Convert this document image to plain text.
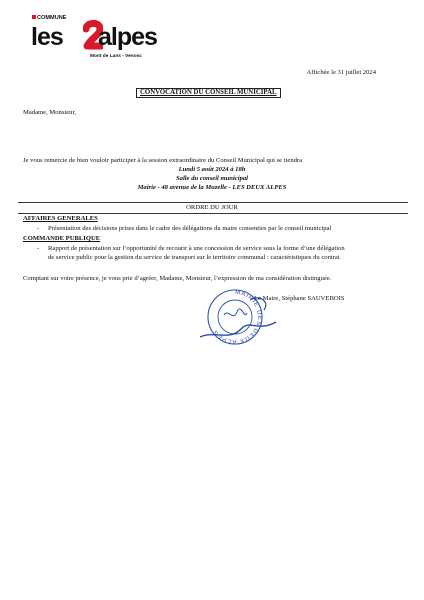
COMMUNE
les alpes
Mont de Lans - Venosc
Affichée le 31 juillet 2024
CONVOCATION DU CONSEIL MUNICIPAL
Madame, Monsieur,
Je vous remercie de bien vouloir participer à la session extraordinaire du Conseil Municipal qui se tiendra
Lundi 5 août 2024 à 18h
Salle du conseil municipal
Mairie - 48 avenue de la Muzelle - LES DEUX ALPES
ORDRE DU JOUR
AFFAIRES GENERALES
- Présentation des décisions prises dans le cadre des délégations du maire consenties par le conseil municipal
COMMANDE PUBLIQUE
- Rapport de présentation sur l’opportunité de recourir à une concession de service sous la forme d’une délégation
de service public pour la gestion du service de transport sur le territoire communal : caractéristiques du contrat
Comptant sur votre présence, je vous prie d’agréer, Madame, Monsieur, l’expression de ma considération distinguée.
MAIRIE DES DEUX ALPES
Le Maire, Stéphane SAUVEBOIS
